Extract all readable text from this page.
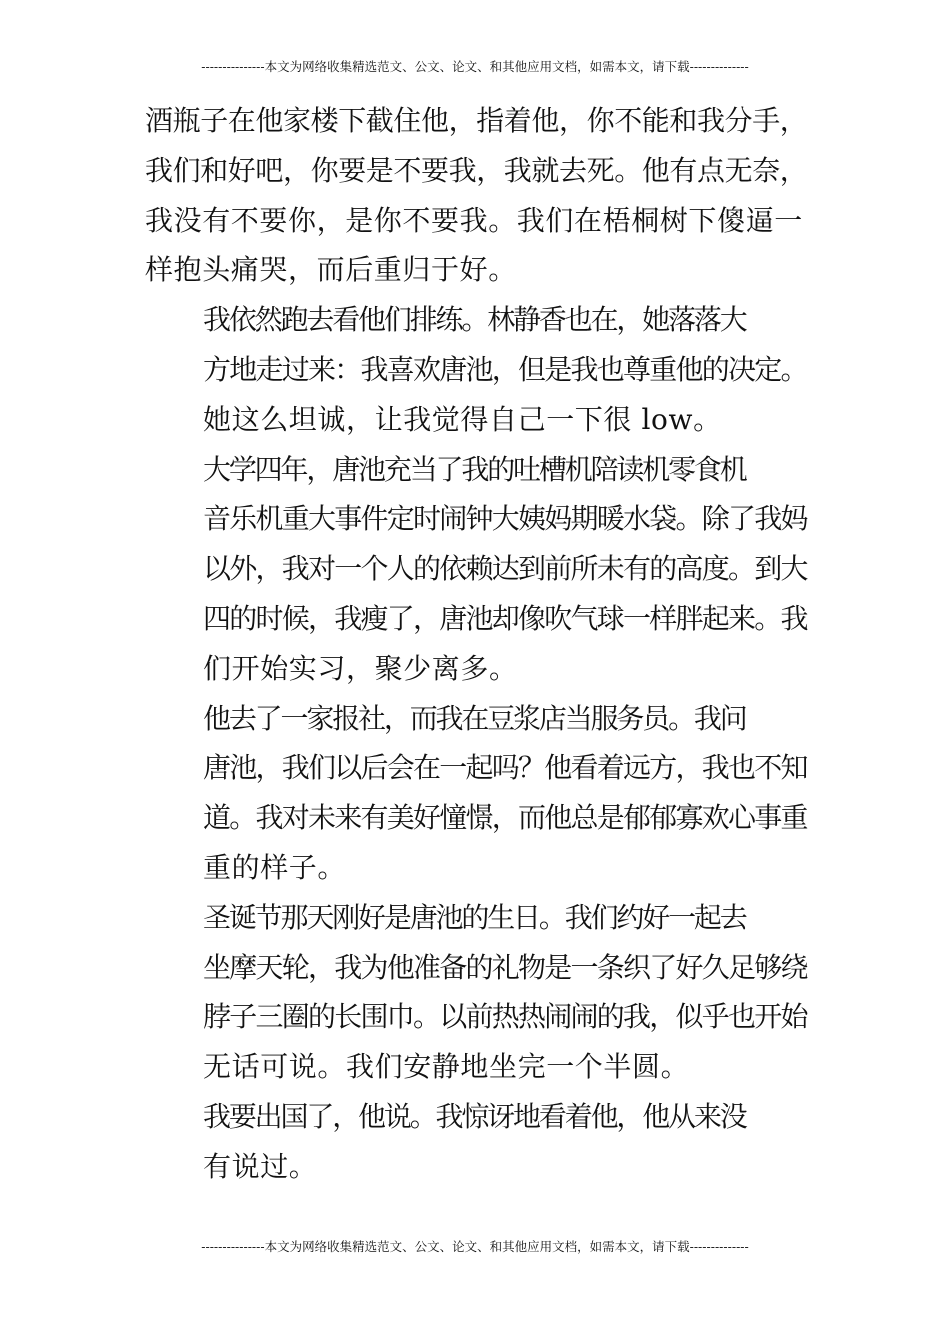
---------------本文为网络收集精选范文、公文、论文、和其他应用文档，如需本文，请下载--------------

酒瓶子在他家楼下截住他，指着他，你不能和我分手，
我们和好吧，你要是不要我，我就去死。他有点无奈，
我没有不要你，是你不要我。我们在梧桐树下傻逼一
样抱头痛哭，而后重归于好。

我依然跑去看他们排练。林静香也在，她落落大
方地走过来：我喜欢唐池，但是我也尊重他的决定。
她这么坦诚，让我觉得自己一下很 low。

大学四年，唐池充当了我的吐槽机陪读机零食机
音乐机重大事件定时闹钟大姨妈期暖水袋。除了我妈
以外，我对一个人的依赖达到前所未有的高度。到大
四的时候，我瘦了，唐池却像吹气球一样胖起来。我
们开始实习，聚少离多。

他去了一家报社，而我在豆浆店当服务员。我问
唐池，我们以后会在一起吗？他看着远方，我也不知
道。我对未来有美好憧憬，而他总是郁郁寡欢心事重
重的样子。

圣诞节那天刚好是唐池的生日。我们约好一起去
坐摩天轮，我为他准备的礼物是一条织了好久足够绕
脖子三圈的长围巾。以前热热闹闹的我，似乎也开始
无话可说。我们安静地坐完一个半圆。

我要出国了，他说。我惊讶地看着他，他从来没
有说过。

---------------本文为网络收集精选范文、公文、论文、和其他应用文档，如需本文，请下载--------------
